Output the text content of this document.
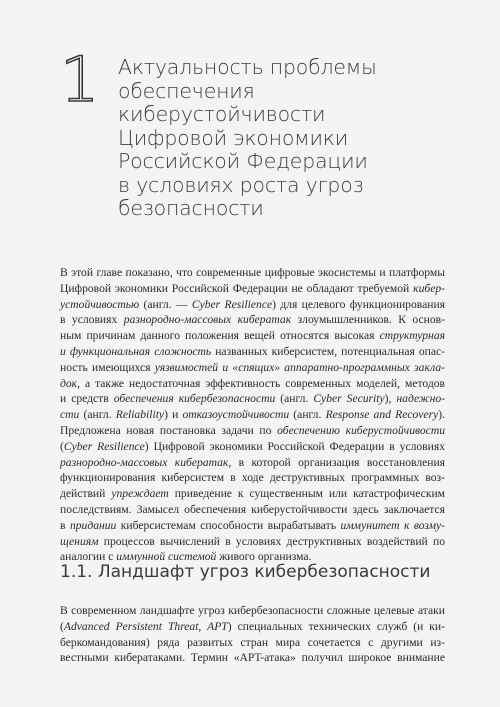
1 Актуальность проблемы
обеспечения
киберустойчивости
Цифровой экономики
Российской Федерации
в условиях роста угроз
безопасности
В этой главе показано, что современные цифровые экосистемы и платформы
Цифровой экономики Российской Федерации не обладают требуемой кибер-
устойчивостью (англ. — Cyber Resilience) для целевого функционирования
в условиях разнородно-массовых кибератак злоумышленников. К основ-
ным причинам данного положения вещей относятся высокая структурная
и функциональная сложность названных киберсистем, потенциальная опас-
ность имеющихся уязвимостей и «спящих» аппаратно-программных закла-
док, а также недостаточная эффективность современных моделей, методов
и средств обеспечения кибербезопасности (англ. Cyber Security), надежно-
сти (англ. Reliability) и отказоустойчивости (англ. Response and Recovery).
Предложена новая постановка задачи по обеспечению киберустойчивости
(Cyber Resilience) Цифровой экономики Российской Федерации в условиях
разнородно-массовых кибератак, в которой организация восстановления
функционирования киберсистем в ходе деструктивных программных воз-
действий упреждает приведение к существенным или катастрофическим
последствиям. Замысел обеспечения киберустойчивости здесь заключается
в придании киберсистемам способности вырабатывать иммунитет к возму-
щениям процессов вычислений в условиях деструктивных воздействий по
аналогии с иммунной системой живого организма.
1.1. Ландшафт угроз кибербезопасности
В современном ландшафте угроз кибербезопасности сложные целевые атаки
(Advanced Persistent Threat, APT) специальных технических служб (и ки-
беркомандования) ряда развитых стран мира сочетается с другими из-
вестными кибератаками. Термин «APT-атака» получил широкое внимание
